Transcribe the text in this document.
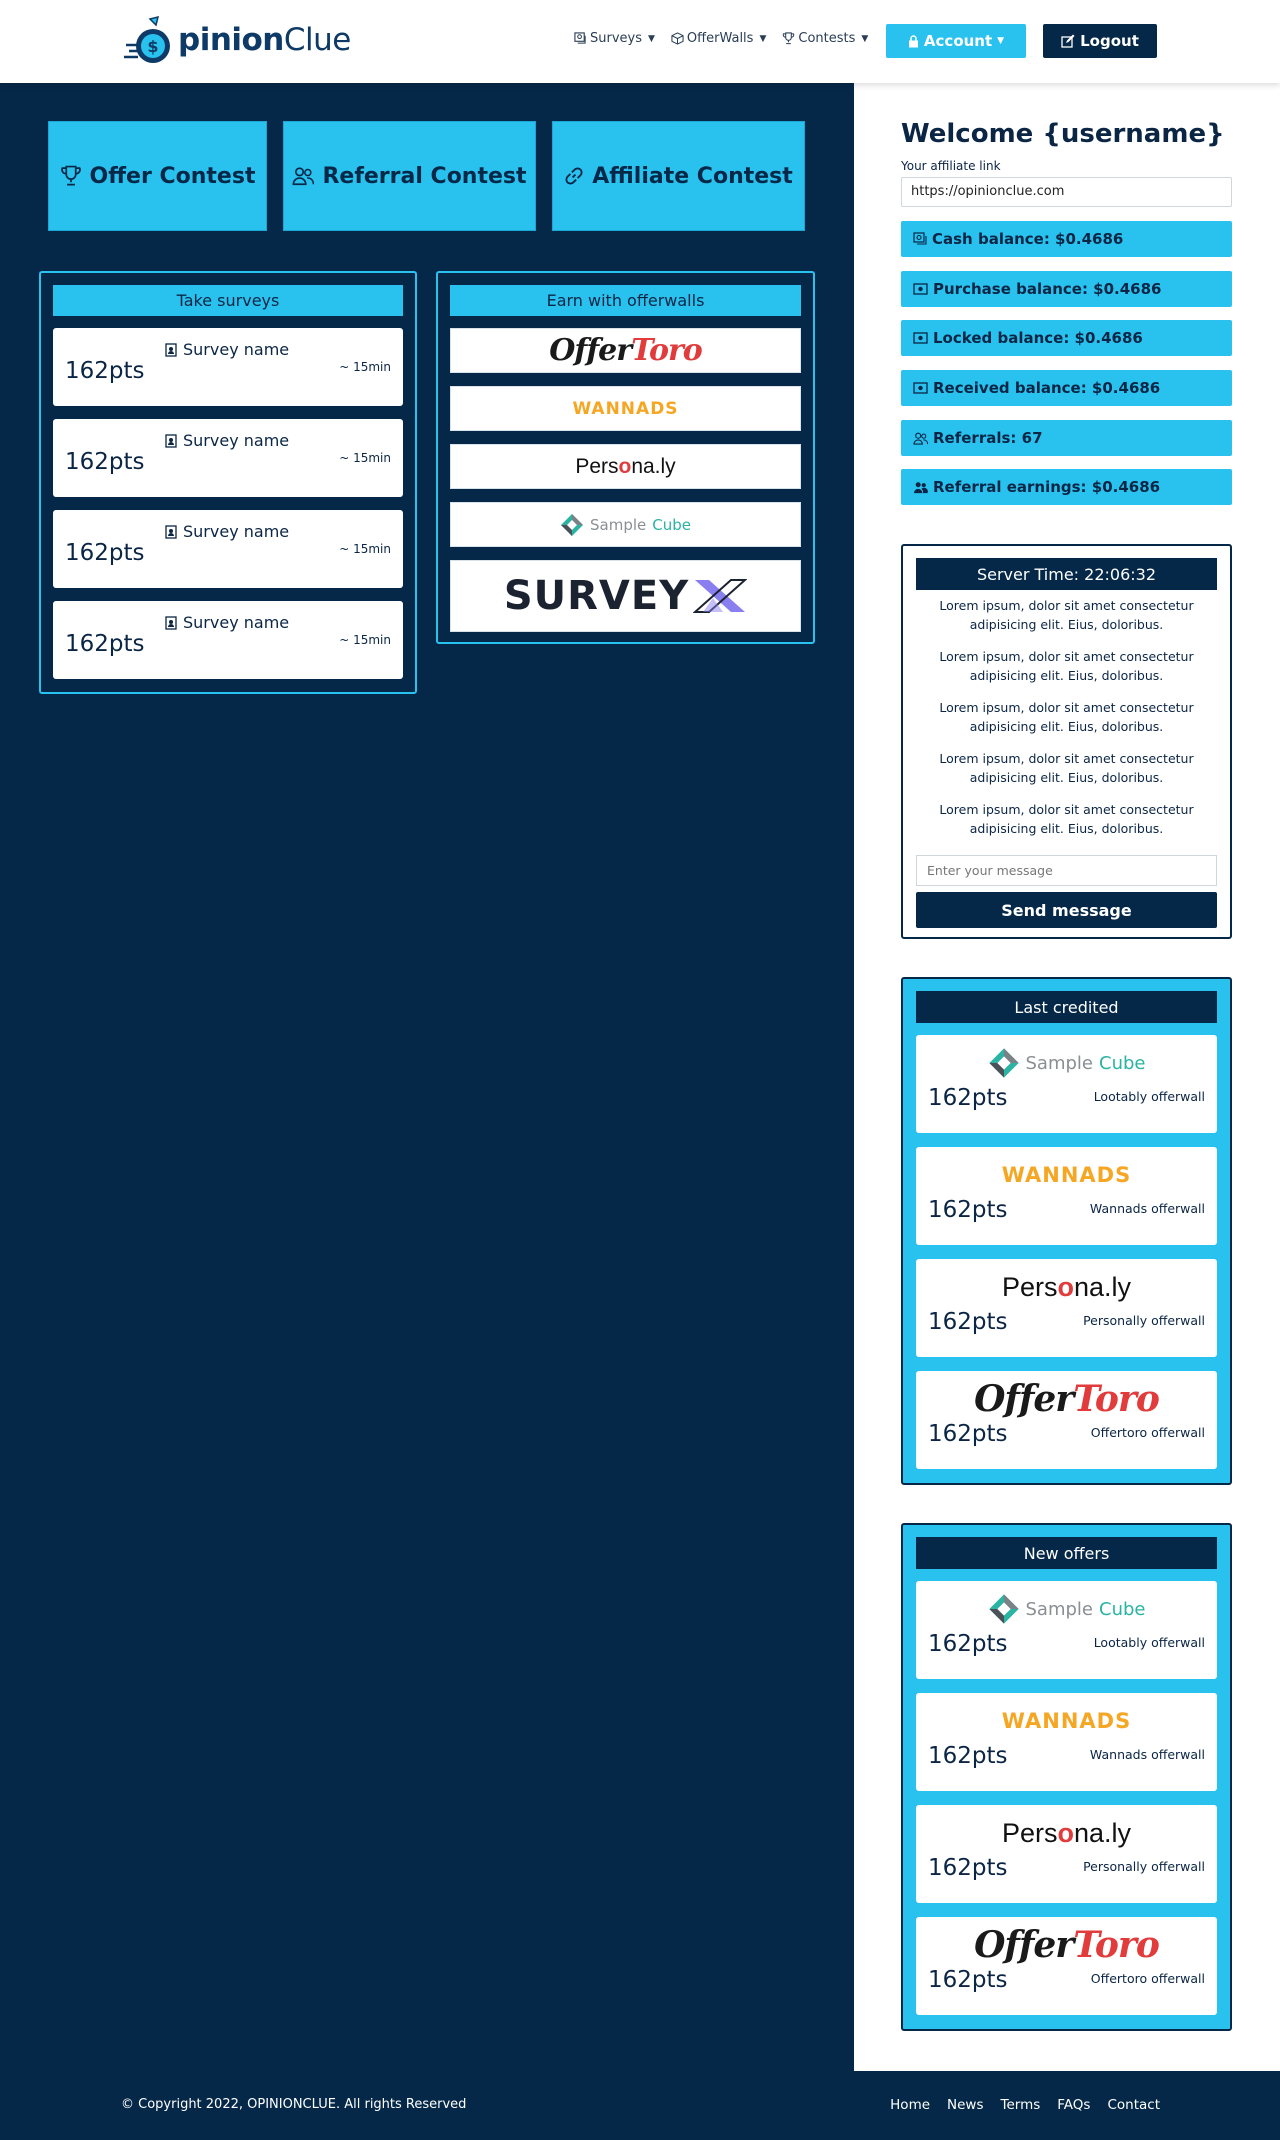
$ pinionClue	Surveys ▼ OfferWalls ▼ Contests ▼	Account ▼	Logout
Offer Contest	Referral Contest	Affiliate Contest
Take surveys
162pts
Survey name
~ 15min
162pts
Survey name
~ 15min
162pts
Survey name
~ 15min
162pts
Survey name
~ 15min
Earn with offerwalls
OfferToro
WANNADS
Persona.ly
Sample Cube
SURVEY
Welcome {username}
Your affiliate link
https://opinionclue.com
Cash balance: $0.4686
Purchase balance: $0.4686
Locked balance: $0.4686
Received balance: $0.4686
Referrals: 67
Referral earnings: $0.4686
Server Time: 22:06:32
Lorem ipsum, dolor sit amet consectetur adipisicing elit. Eius, doloribus.
Lorem ipsum, dolor sit amet consectetur adipisicing elit. Eius, doloribus.
Lorem ipsum, dolor sit amet consectetur adipisicing elit. Eius, doloribus.
Lorem ipsum, dolor sit amet consectetur adipisicing elit. Eius, doloribus.
Lorem ipsum, dolor sit amet consectetur adipisicing elit. Eius, doloribus.
Enter your message
Send message
Last credited
Sample Cube
162pts	Lootably offerwall
WANNADS
162pts	Wannads offerwall
Persona.ly
162pts	Personally offerwall
OfferToro
162pts	Offertoro offerwall
New offers
Sample Cube
162pts	Lootably offerwall
WANNADS
162pts	Wannads offerwall
Persona.ly
162pts	Personally offerwall
OfferToro
162pts	Offertoro offerwall
© Copyright 2022, OPINIONCLUE. All rights Reserved	Home News Terms FAQs Contact
